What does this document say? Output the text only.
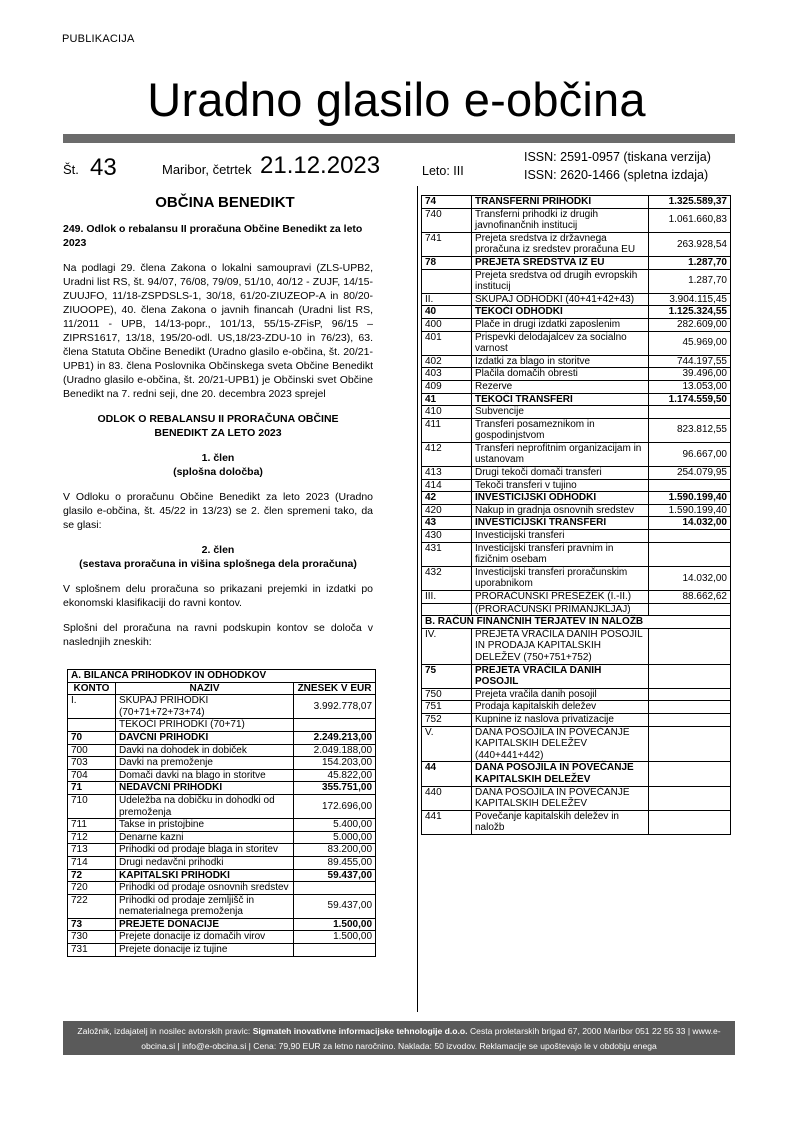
PUBLIKACIJA
Uradno glasilo e-občina
Št. 43	Maribor, četrtek 21.12.2023	Leto: III
ISSN: 2591-0957 (tiskana verzija)
ISSN: 2620-1466 (spletna izdaja)
OBČINA BENEDIKT
249. Odlok o rebalansu II proračuna Občine Benedikt za leto 2023
Na podlagi 29. člena Zakona o lokalni samoupravi (ZLS-UPB2, Uradni list RS, št. 94/07, 76/08, 79/09, 51/10, 40/12 - ZUJF, 14/15-ZUUJFO, 11/18-ZSPDSLS-1, 30/18, 61/20-ZIUZEOP-A in 80/20-ZIUOOPE), 40. člena Zakona o javnih financah (Uradni list RS, 11/2011 - UPB, 14/13-popr., 101/13, 55/15-ZFisP, 96/15 – ZIPRS1617, 13/18, 195/20-odl. US,18/23-ZDU-10 in 76/23), 63. člena Statuta Občine Benedikt (Uradno glasilo e-občina, št. 20/21-UPB1) in 83. člena Poslovnika Občinskega sveta Občine Benedikt (Uradno glasilo e-občina, št. 20/21-UPB1) je Občinski svet Občine Benedikt na 7. redni seji, dne 20. decembra 2023 sprejel
ODLOK O REBALANSU II PRORAČUNA OBČINE BENEDIKT ZA LETO 2023
1. člen
(splošna določba)
V Odloku o proračunu Občine Benedikt za leto 2023 (Uradno glasilo e-občina, št. 45/22 in 13/23) se 2. člen spremeni tako, da se glasi:
2. člen
(sestava proračuna in višina splošnega dela proračuna)
V splošnem delu proračuna so prikazani prejemki in izdatki po ekonomski klasifikaciji do ravni kontov.
Splošni del proračuna na ravni podskupin kontov se določa v naslednjih zneskih:
A. BILANCA PRIHODKOV IN ODHODKOV		
KONTO	NAZIV	ZNESEK V EUR
I.	SKUPAJ PRIHODKI (70+71+72+73+74)	3.992.778,07
	TEKOČI PRIHODKI (70+71)	
70	DAVČNI PRIHODKI	2.249.213,00
700	Davki na dohodek in dobiček	2.049.188,00
703	Davki na premoženje	154.203,00
704	Domači davki na blago in storitve	45.822,00
71	NEDAVČNI PRIHODKI	355.751,00
710	Udeležba na dobičku in dohodki od premoženja	172.696,00
711	Takse in pristojbine	5.400,00
712	Denarne kazni	5.000,00
713	Prihodki od prodaje blaga in storitev	83.200,00
714	Drugi nedavčni prihodki	89.455,00
72	KAPITALSKI PRIHODKI	59.437,00
720	Prihodki od prodaje osnovnih sredstev	
722	Prihodki od prodaje zemljišč in nematerialnega premoženja	59.437,00
73	PREJETE DONACIJE	1.500,00
730	Prejete donacije iz domačih virov	1.500,00
731	Prejete donacije iz tujine	
74	TRANSFERNI PRIHODKI	1.325.589,37
740	Transferni prihodki iz drugih javnofinančnih institucij	1.061.660,83
741	Prejeta sredstva iz državnega proračuna iz sredstev proračuna EU	263.928,54
78	PREJETA SREDSTVA IZ EU	1.287,70
	Prejeta sredstva od drugih evropskih institucij	1.287,70
II.	SKUPAJ ODHODKI (40+41+42+43)	3.904.115,45
40	TEKOČI ODHODKI	1.125.324,55
400	Plače in drugi izdatki zaposlenim	282.609,00
401	Prispevki delodajalcev za socialno varnost	45.969,00
402	Izdatki za blago in storitve	744.197,55
403	Plačila domačih obresti	39.496,00
409	Rezerve	13.053,00
41	TEKOČI TRANSFERI	1.174.559,50
410	Subvencije	
411	Transferi posameznikom in gospodinjstvom	823.812,55
412	Transferi neprofitnim organizacijam in ustanovam	96.667,00
413	Drugi tekoči domači transferi	254.079,95
414	Tekoči transferi v tujino	
42	INVESTICIJSKI ODHODKI	1.590.199,40
420	Nakup in gradnja osnovnih sredstev	1.590.199,40
43	INVESTICIJSKI TRANSFERI	14.032,00
430	Investicijski transferi	
431	Investicijski transferi pravnim in fizičnim osebam	
432	Investicijski transferi proračunskim uporabnikom	14.032,00
III.	PRORAČUNSKI PRESEŽEK (I.-II.)	88.662,62
	(PRORAČUNSKI PRIMANJKLJAJ)	
B. RAČUN FINANČNIH TERJATEV IN NALOŽB		
IV.	PREJETA VRAČILA DANIH POSOJIL IN PRODAJA KAPITALSKIH DELEŽEV (750+751+752)	
75	PREJETA VRAČILA DANIH POSOJIL	
750	Prejeta vračila danih posojil	
751	Prodaja kapitalskih deležev	
752	Kupnine iz naslova privatizacije	
V.	DANA POSOJILA IN POVEČANJE KAPITALSKIH DELEŽEV (440+441+442)	
44	DANA POSOJILA IN POVEČANJE KAPITALSKIH DELEŽEV	
440	DANA POSOJILA IN POVEČANJE KAPITALSKIH DELEŽEV	
441	Povečanje kapitalskih deležev in naložb	
Založnik, izdajatelj in nosilec avtorskih pravic: Sigmateh inovativne informacijske tehnologije d.o.o. Cesta proletarskih brigad 67, 2000 Maribor 051 22 55 33 | www.e-obcina.si | info@e-obcina.si | Cena: 79,90 EUR za letno naročnino. Naklada: 50 izvodov. Reklamacije se upoštevajo le v obdobju enega
